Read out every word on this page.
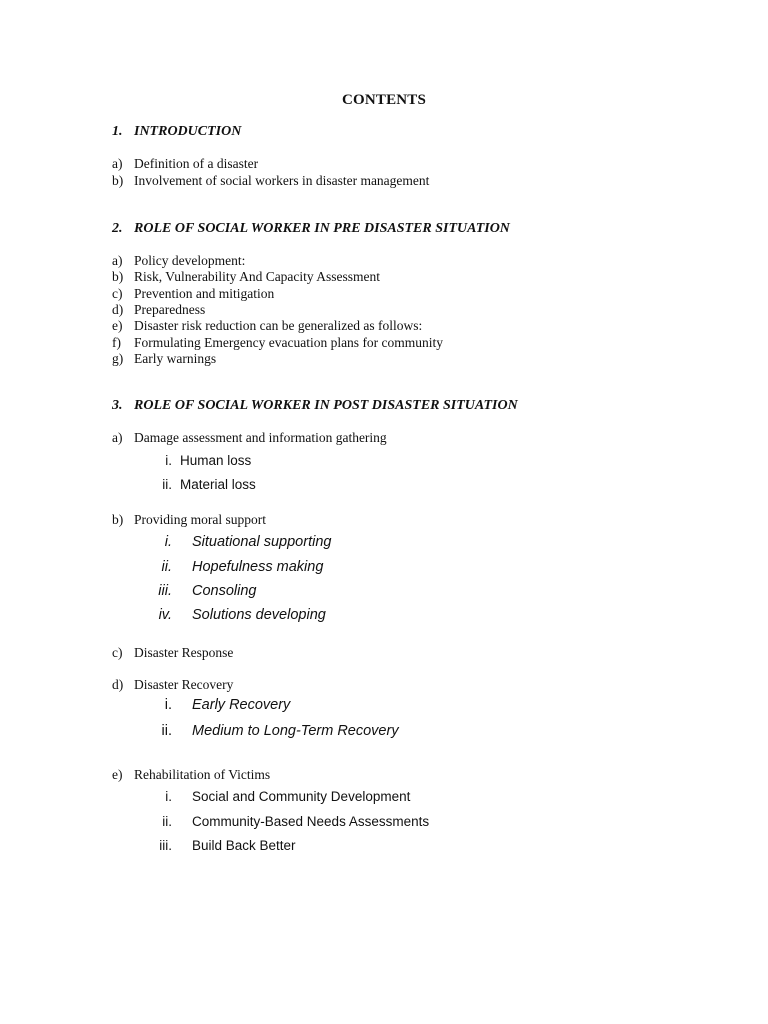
CONTENTS
1. INTRODUCTION
a) Definition of a disaster
b) Involvement of social workers in disaster management
2. ROLE OF SOCIAL WORKER IN PRE DISASTER SITUATION
a) Policy development:
b) Risk, Vulnerability And Capacity Assessment
c) Prevention and mitigation
d) Preparedness
e) Disaster risk reduction can be generalized as follows:
f) Formulating Emergency evacuation plans for community
g) Early warnings
3. ROLE OF SOCIAL WORKER IN POST DISASTER SITUATION
a) Damage assessment and information gathering
i. Human loss
ii. Material loss
b) Providing moral support
i. Situational supporting
ii. Hopefulness making
iii. Consoling
iv. Solutions developing
c) Disaster Response
d) Disaster Recovery
i. Early Recovery
ii. Medium to Long-Term Recovery
e) Rehabilitation of Victims
i. Social and Community Development
ii. Community-Based Needs Assessments
iii. Build Back Better
